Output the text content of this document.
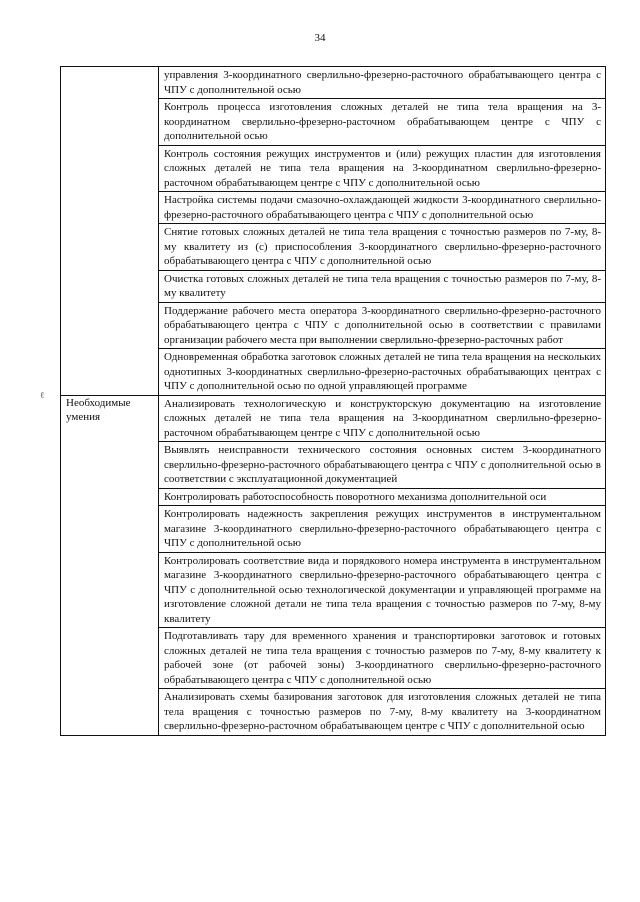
34
ℓ
	управления 3-координатного сверлильно-фрезерно-расточного обрабатывающего центра с ЧПУ с дополнительной осью
	Контроль процесса изготовления сложных деталей не типа тела вращения на 3-координатном сверлильно-фрезерно-расточном обрабатывающем центре с ЧПУ с дополнительной осью
	Контроль состояния режущих инструментов и (или) режущих пластин для изготовления сложных деталей не типа тела вращения на 3-координатном сверлильно-фрезерно-расточном обрабатывающем центре с ЧПУ с дополнительной осью
	Настройка системы подачи смазочно-охлаждающей жидкости 3-координатного сверлильно-фрезерно-расточного обрабатывающего центра с ЧПУ с дополнительной осью
	Снятие готовых сложных деталей не типа тела вращения с точностью размеров по 7-му, 8-му квалитету из (с) приспособления 3-координатного сверлильно-фрезерно-расточного обрабатывающего центра с ЧПУ с дополнительной осью
	Очистка готовых сложных деталей не типа тела вращения с точностью размеров по 7-му, 8-му квалитету
	Поддержание рабочего места оператора 3-координатного сверлильно-фрезерно-расточного обрабатывающего центра с ЧПУ с дополнительной осью в соответствии с правилами организации рабочего места при выполнении сверлильно-фрезерно-расточных работ
	Одновременная обработка заготовок сложных деталей не типа тела вращения на нескольких однотипных 3-координатных сверлильно-фрезерно-расточных обрабатывающих центрах с ЧПУ с дополнительной осью по одной управляющей программе
Необходимые умения	Анализировать технологическую и конструкторскую документацию на изготовление сложных деталей не типа тела вращения на 3-координатном сверлильно-фрезерно-расточном обрабатывающем центре с ЧПУ с дополнительной осью
	Выявлять неисправности технического состояния основных систем 3-координатного сверлильно-фрезерно-расточного обрабатывающего центра с ЧПУ с дополнительной осью в соответствии с эксплуатационной документацией
	Контролировать работоспособность поворотного механизма дополнительной оси
	Контролировать надежность закрепления режущих инструментов в инструментальном магазине 3-координатного сверлильно-фрезерно-расточного обрабатывающего центра с ЧПУ с дополнительной осью
	Контролировать соответствие вида и порядкового номера инструмента в инструментальном магазине 3-координатного сверлильно-фрезерно-расточного обрабатывающего центра с ЧПУ с дополнительной осью технологической документации и управляющей программе на изготовление сложной детали не типа тела вращения с точностью размеров по 7-му, 8-му квалитету
	Подготавливать тару для временного хранения и транспортировки заготовок и готовых сложных деталей не типа тела вращения с точностью размеров по 7-му, 8-му квалитету к рабочей зоне (от рабочей зоны) 3-координатного сверлильно-фрезерно-расточного обрабатывающего центра с ЧПУ с дополнительной осью
	Анализировать схемы базирования заготовок для изготовления сложных деталей не типа тела вращения с точностью размеров по 7-му, 8-му квалитету на 3-координатном сверлильно-фрезерно-расточном обрабатывающем центре с ЧПУ с дополнительной осью
